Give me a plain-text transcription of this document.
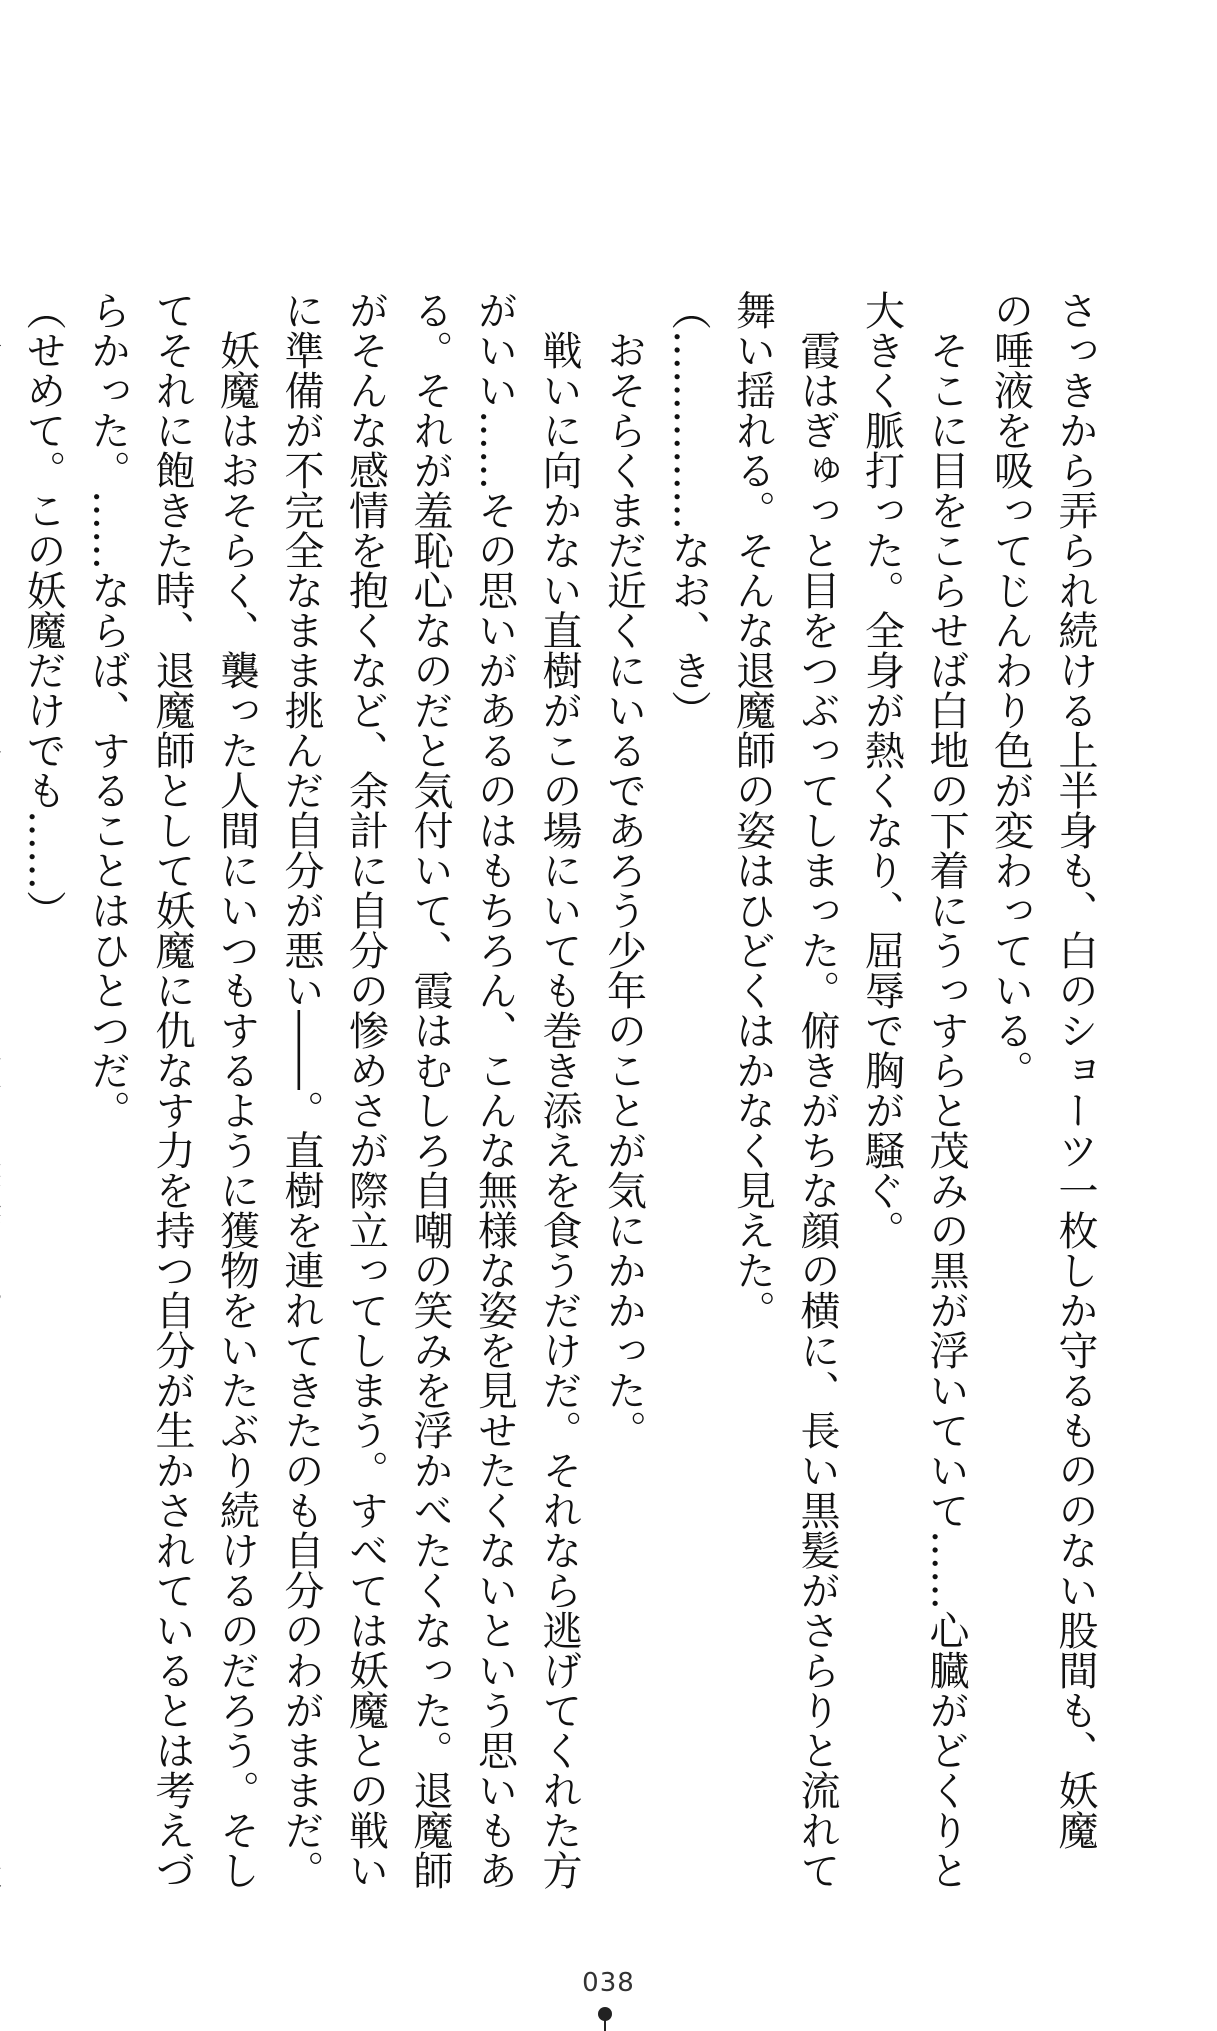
さっきから弄られ続ける上半身も、白のショーツ一枚しか守るもののない股間も、妖魔

の唾液を吸ってじんわり色が変わっている。

　そこに目をこらせば白地の下着にうっすらと茂みの黒が浮いていて……心臓がどくりと

大きく脈打った。全身が熱くなり、屈辱で胸が騒ぐ。

　霞はぎゅっと目をつぶってしまった。俯きがちな顔の横に、長い黒髪がさらりと流れて

舞い揺れる。そんな退魔師の姿はひどくはかなく見えた。

（……………なお、き）

　おそらくまだ近くにいるであろう少年のことが気にかかった。

　戦いに向かない直樹がこの場にいても巻き添えを食うだけだ。それなら逃げてくれた方

がいい……その思いがあるのはもちろん、こんな無様な姿を見せたくないという思いもあ

る。それが羞恥心なのだと気付いて、霞はむしろ自嘲の笑みを浮かべたくなった。退魔師

がそんな感情を抱くなど、余計に自分の惨めさが際立ってしまう。すべては妖魔との戦い

に準備が不完全なまま挑んだ自分が悪い――。直樹を連れてきたのも自分のわがままだ。

　妖魔はおそらく、襲った人間にいつもするように獲物をいたぶり続けるのだろう。そし

てそれに飽きた時、退魔師として妖魔に仇なす力を持つ自分が生かされているとは考えづ

らかった。……ならば、することはひとつだ。

（せめて。この妖魔だけでも……）

038
